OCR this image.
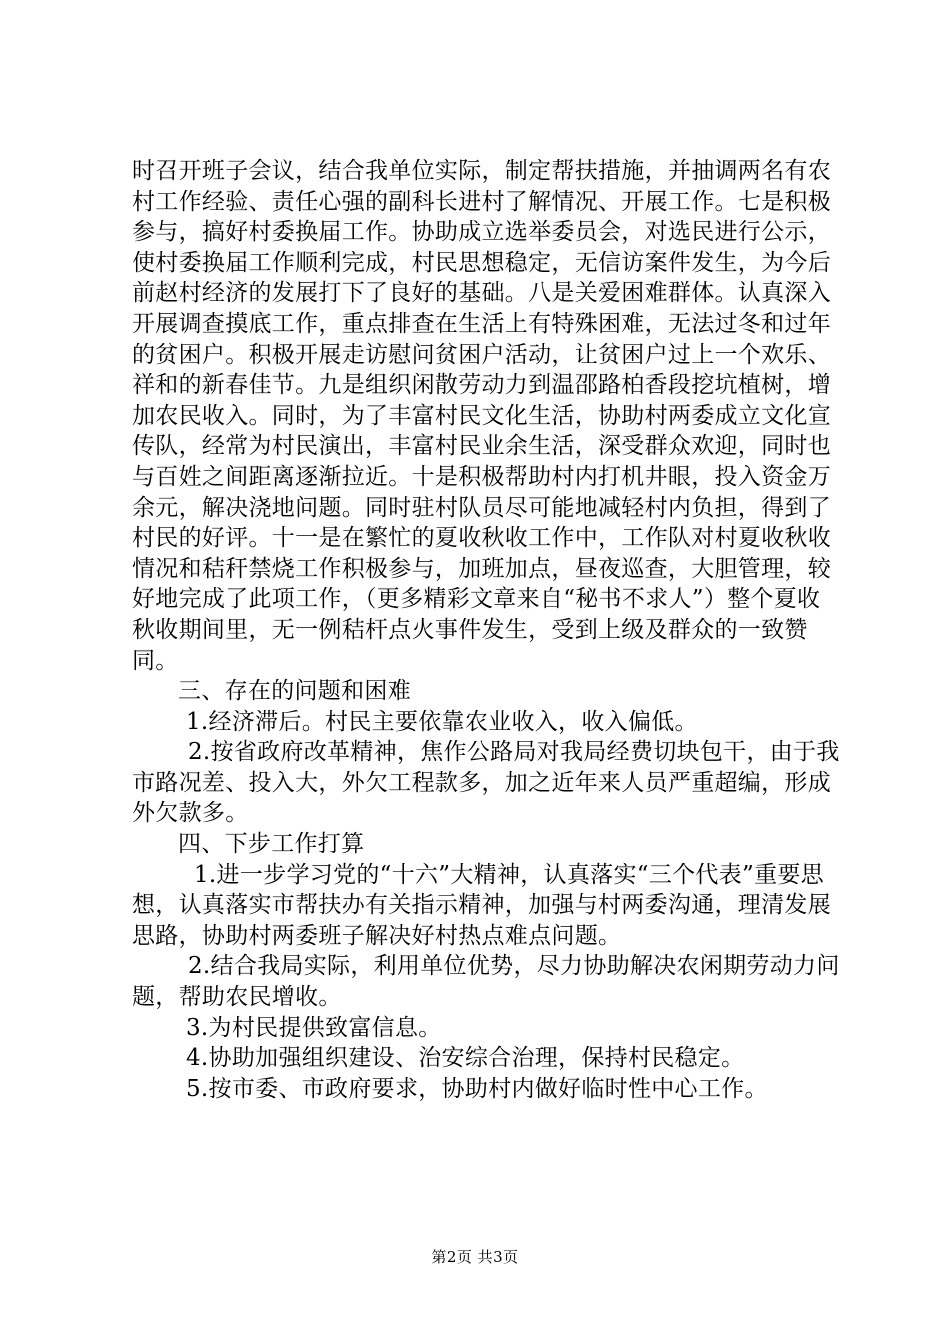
时召开班子会议，结合我单位实际，制定帮扶措施，并抽调两名有农村工作经验、责任心强的副科长进村了解情况、开展工作。七是积极参与，搞好村委换届工作。协助成立选举委员会，对选民进行公示，使村委换届工作顺利完成，村民思想稳定，无信访案件发生，为今后前赵村经济的发展打下了良好的基础。八是关爱困难群体。认真深入开展调查摸底工作，重点排查在生活上有特殊困难，无法过冬和过年的贫困户。积极开展走访慰问贫困户活动，让贫困户过上一个欢乐、祥和的新春佳节。九是组织闲散劳动力到温邵路柏香段挖坑植树，增加农民收入。同时，为了丰富村民文化生活，协助村两委成立文化宣传队，经常为村民演出，丰富村民业余生活，深受群众欢迎，同时也与百姓之间距离逐渐拉近。十是积极帮助村内打机井眼，投入资金万余元，解决浇地问题。同时驻村队员尽可能地减轻村内负担，得到了村民的好评。十一是在繁忙的夏收秋收工作中，工作队对村夏收秋收情况和秸秆禁烧工作积极参与，加班加点，昼夜巡查，大胆管理，较好地完成了此项工作，（更多精彩文章来自“秘书不求人”）整个夏收秋收期间里，无一例秸杆点火事件发生，受到上级及群众的一致赞同。

三、存在的问题和困难

1.经济滞后。村民主要依靠农业收入，收入偏低。

2.按省政府改革精神，焦作公路局对我局经费切块包干，由于我市路况差、投入大，外欠工程款多，加之近年来人员严重超编，形成外欠款多。

四、下步工作打算

1.进一步学习党的“十六”大精神，认真落实“三个代表”重要思想，认真落实市帮扶办有关指示精神，加强与村两委沟通，理清发展思路，协助村两委班子解决好村热点难点问题。

2.结合我局实际，利用单位优势，尽力协助解决农闲期劳动力问题，帮助农民增收。

3.为村民提供致富信息。

4.协助加强组织建设、治安综合治理，保持村民稳定。

5.按市委、市政府要求，协助村内做好临时性中心工作。

第2页 共3页
